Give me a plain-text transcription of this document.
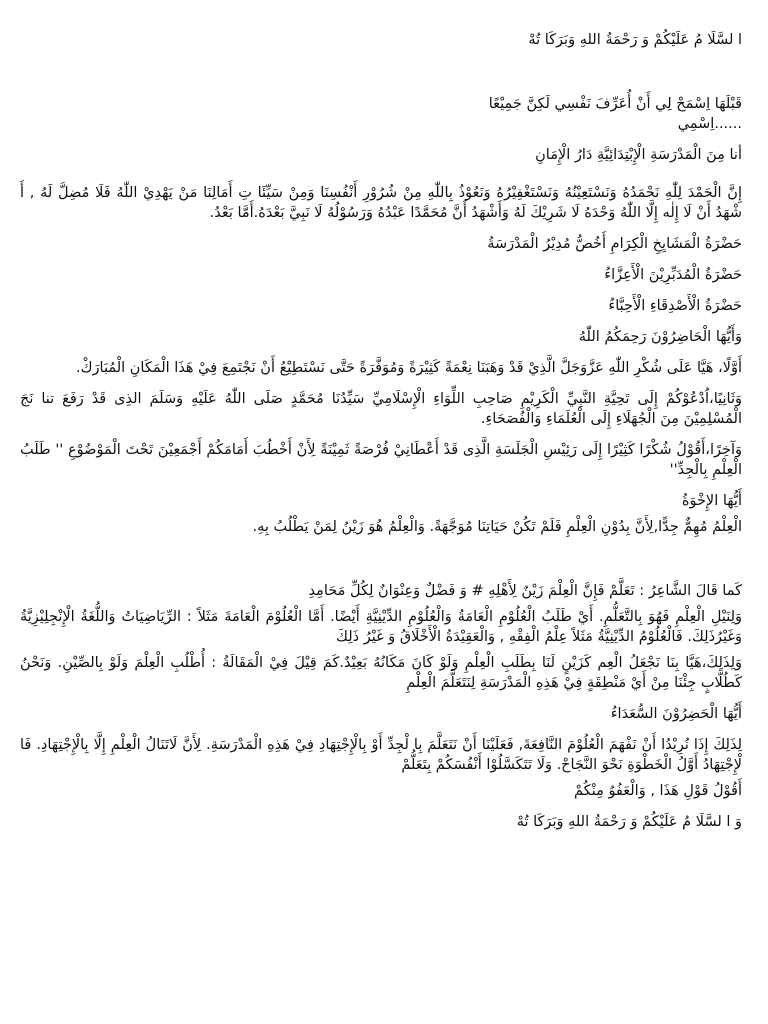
ا لسَّلَا مُ عَلَيْكُمْ وَ رَحْمَةُ اللهِ وَبَرَكَا تُهْ

قَبْلَهَا اِسْمَحْ لِي أَنْ أُعَرِّفَ نَفْسِي لَكِنَّ جَمِيْعًا

......اِسْمِي

أنا مِنَ الْمَدْرَسَةِ الْإِبْتِدَائِيَّةِ دَارُ الْإِمَانِ

إِنَّ الْحَمْدَ لِلّٰهِ نَحْمَدُهُ وَنَسْتَعِيْنُهُ وَنَسْتَغْفِيْرُهُ وَنَعُوْذُ بِاللّٰهِ مِنْ شُرُوْرِ أَنْفُسِنَا وَمِنْ سَيِّئَا تِ أَمَالِنَا مَنْ يَهْدِيْ اللّٰهُ فَلَا مُضِلَّ لَهُ , أَ شْهَدُ أَنْ لَا إِلٰه إِلَّا اللّٰهُ وَحْدَهُ لَا شَرِيْكَ لَهُ وَأَشْهَدُ أَنَّ مُحَمَّدًا عَبْدُهُ وَرَسُوْلُهُ لَا نَبِيَّ بَعْدَهُ.أَمَّا بَعْدُ.

حَضْرَةُ الْمَشَايِخِ الْكِرَامِ أَخُصُّ مُدِيْرُ الْمَدْرَسَةُ

حَضْرَةُ الْمُدَبِّرِيْنَ الْأَعِزَّاءُ

حَضْرَةُ الْأَصْدِقَاءِ الْأَحِبَّاءُ

وَأَيُّهَا الْحَاضِرُوْنَ رَحِمَكُمُ اللّٰهُ

أَوَّلًا، هَيَّا عَلَى شُكْرِ اللّٰهِ عَزَّوَجَلَّ الَّذِيْ قَدْ وَهَبَنَا نِعْمَةً كَثِيْرَةً وَمُوَفَّرَةً حَتَّى نَسْتَطِيْعُ أَنْ نَجْتَمِعَ فِيْ هَذَا الْمَكَانِ الْمُبَارَكْ.

وَثَانِيًا،اُدْعُوْكُمْ إِلَى تَحِيَّةِ النَّبِيِّ الْكَرِيْمِ صَاحِبِ اللِّوَاءِ الْإِسْلَامِيِّ سَيِّدُنَا مُحَمَّدٍ صَلَى اللّٰهُ عَلَيْهِ وَسَلَمَ الذِى قَدْ رَفَعَ تنا نَجَ الْمُسْلِمِيْنَ مِنَ الْجُهَلَاءِ إِلَى الْعُلَمَاءِ وَالْفُصَحَاءِ.

وَآخِرًا،أَقُوْلُ شُكْرًا كَثِيْرًا إِلَى رَئِيْسِ الْجَلَسَةِ الَّذِى قَدْ أَعْطَانِيْ فُرْصَةً ثَمِيْنَةً لِأَنْ أَخْطُبَ أَمَامَكُمْ أَجْمَعِيْنَ تَحْتَ الْمَوْضُوْعِ '' طَلَبُ الْعِلْمِ بِالْجِدِّ''

أَيُّهَا الإِخْوَةُ

الْعِلْمُ مُهِمٌّ جِدًّا,لِأَنَّ بِدُوْنِ الْعِلْمِ فَلَمْ تَكُنْ حَيَاتِنَا مُوَجَّهَةً. وَالْعِلْمُ هُوَ زَيْنُ لِمَنْ يَطْلُبُ بِهِ.

كَما قَالَ الشَّاعِرُ : تَعَلَّمْ فَإِنَّ الْعِلْمَ زَيْنٌ لِأَهْلِهِ # وَ فَضْلٌ وَعِنْوَانٌ لِكُلِّ مَحَامِدِ

وَلِنَيْلِ الْعِلْمِ فَهُوَ بِالتَّعَلُّمِ. أَيْ طَلَبُ الْعُلُوْمِ الْعَامَةُ وَالْعُلُوْمِ الدِّيْنِيَّةِ أَيْضًا. أَمَّا الْعُلُوْمَ الْعَامَةَ مَثَلاً : الرِّيَاضِيَاتُ وَاللُّغَةُ الْإِنْجِلِيْزِيَّةُ وَغَيْرُذَلِكَ. فَالْعُلُوْمُ الدِّيْنِيَّةُ مَثَلاً عِلْمُ الْفِقْهِ , وَالْعَقِيْدَةُ الْأَخْلَاقُ وَ غَيْرُ ذَلِكَ

وَلِذَلِكَ،هَيَّا بِنَا نَجْعَلُ الْعِم كَزَيْنٍ لَنَا بِطَلَبِ الْعِلْمِ وَلَوْ كَانَ مَكَانُهُ بَعِيْدٌ.كَمَ قِيْلَ فِيْ الْمَقَالَةُ : أُطْلُبِ الْعِلْمَ وَلَوْ بِالصِّيْنِ. وَنَحْنُ كَطُلَّابٍ جِئْنَا مِنْ أَيْ مَنْطِقَةٍ فِيْ هَذِهِ الْمَدْرَسَةِ لِنَتَعَلَّمَ الْعِلْمِ

أَيُّهَا الْحَضِرُوْنَ السُّعَدَاءُ

لِذَلِكَ إِذَا نُرِيْدُا أَنْ نَفْهَمَ الْعُلُوْمَ النَّافِعَةَ, فَعَلَيْنَا أَنْ نَتَعَلَّمَ بِا لْجِدِّ أَوْ بِالْإِجْتِهَادِ فِيْ هَذِهِ الْمَدْرَسَةِ. لِأَنَّ لَاتَنَالُ الْعِلْمِ إِلَّا بِالْإِجْتِهَادِ. فَا لْإِجْتِهَادُ أَوَّلُ الْخَطْوَةِ نَحْوَ النَّجَاحْ. وَلَا تَتَكَسَّلُوْا أَنْفُسَكُمْ بِتَعَلُّمْ

أَقُوْلُ قَوْلِ هَذَا , وَالْعَفُوُ مِنْكُمْ

وَ ا لسَّلَا مُ عَلَيْكُمْ وَ رَحْمَةُ اللهِ وَبَرَكَا تُهْ
